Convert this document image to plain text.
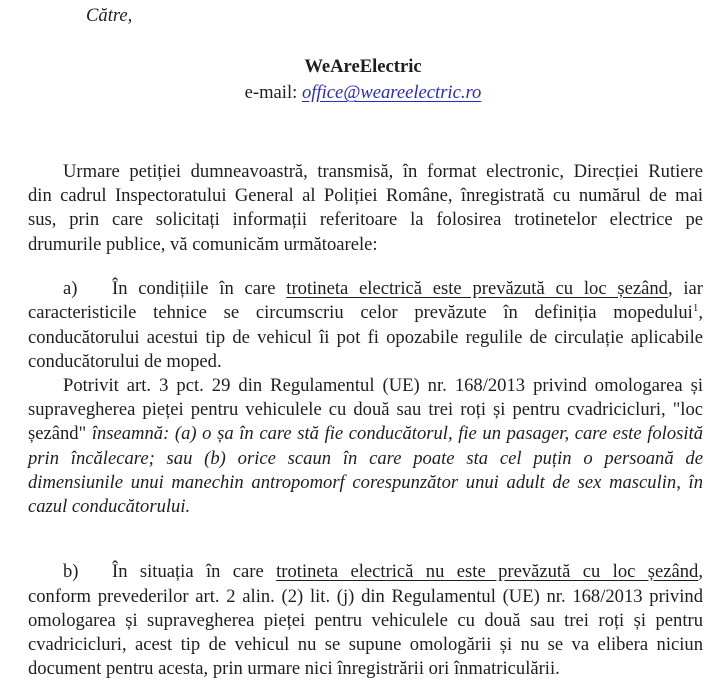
Către,
WeAreElectric
e-mail: office@weareelectric.ro
Urmare petiției dumneavoastră, transmisă, în format electronic, Direcției Rutiere
din cadrul Inspectoratului General al Poliției Române, înregistrată cu numărul de mai
sus, prin care solicitați informații referitoare la folosirea trotinetelor electrice pe
drumurile publice, vă comunicăm următoarele:
a) În condițiile în care trotineta electrică este prevăzută cu loc șezând, iar
caracteristicile tehnice se circumscriu celor prevăzute în definiția mopedului$^1$,
conducătorului acestui tip de vehicul îi pot fi opozabile regulile de circulație aplicabile
conducătorului de moped.
Potrivit art. 3 pct. 29 din Regulamentul (UE) nr. 168/2013 privind omologarea și
supravegherea pieței pentru vehiculele cu două sau trei roți și pentru cvadricicluri, "loc
șezând" înseamnă: (a) o șa în care stă fie conducătorul, fie un pasager, care este folosită
prin încălecare; sau (b) orice scaun în care poate sta cel puțin o persoană de
dimensiunile unui manechin antropomorf corespunzător unui adult de sex masculin, în
cazul conducătorului.
b) În situația în care trotineta electrică nu este prevăzută cu loc șezând,
conform prevederilor art. 2 alin. (2) lit. (j) din Regulamentul (UE) nr. 168/2013 privind
omologarea și supravegherea pieței pentru vehiculele cu două sau trei roți și pentru
cvadricicluri, acest tip de vehicul nu se supune omologării și nu se va elibera niciun
document pentru acesta, prin urmare nici înregistrării ori înmatriculării.
